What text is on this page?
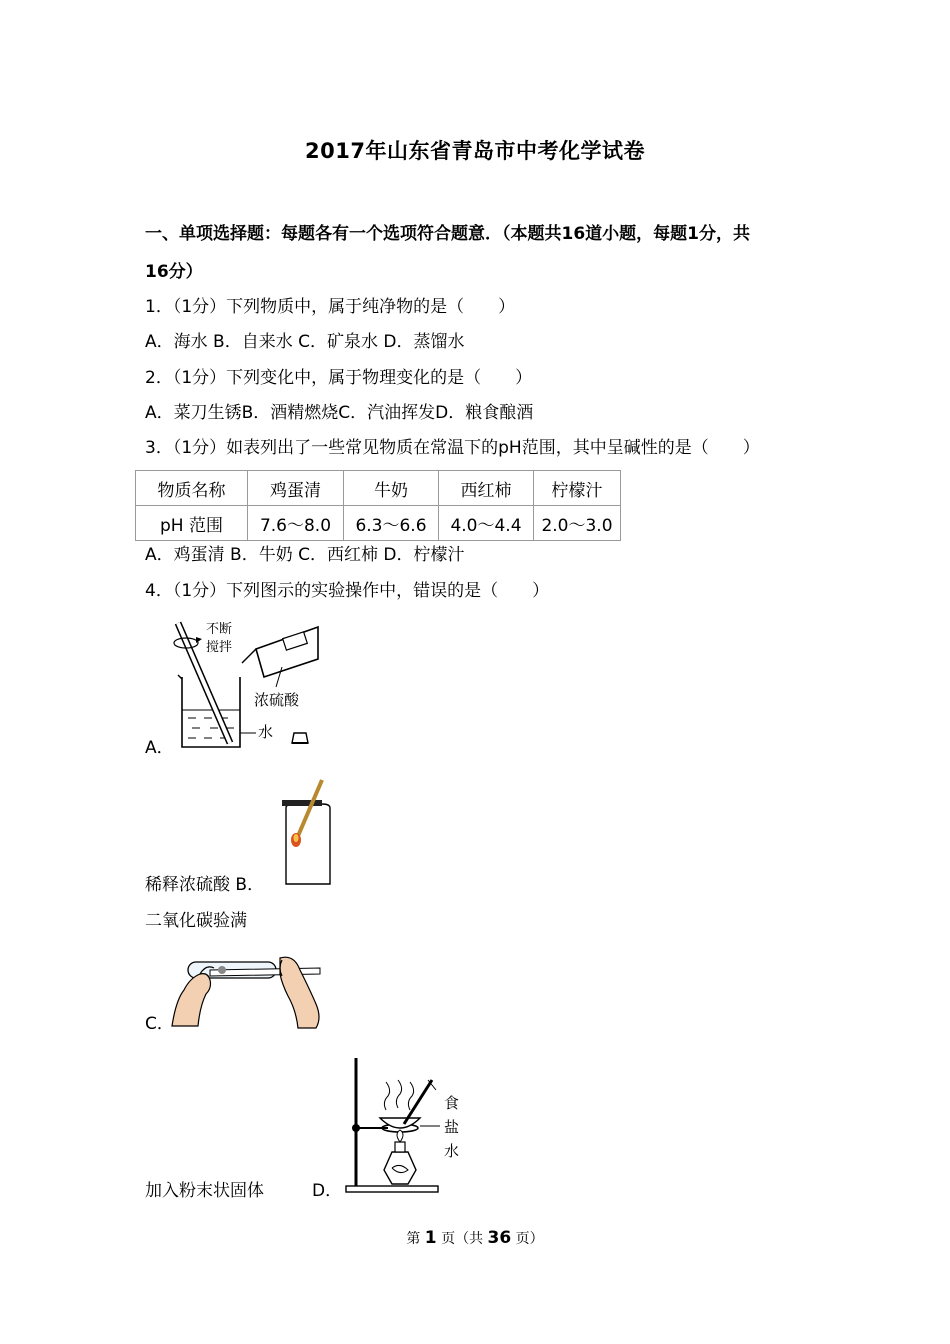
2017年山东省青岛市中考化学试卷
一、单项选择题：每题各有一个选项符合题意．（本题共16道小题，每题1分，共
16分）
1．（1分）下列物质中，属于纯净物的是（　　）
A．海水 B．自来水 C．矿泉水 D．蒸馏水
2．（1分）下列变化中，属于物理变化的是（　　）
A．菜刀生锈B．酒精燃烧C．汽油挥发D．粮食酿酒
3．（1分）如表列出了一些常见物质在常温下的pH范围，其中呈碱性的是（　　）
物质名称	鸡蛋清	牛奶	西红柿	柠檬汁
pH 范围	7.6～8.0	6.3～6.6	4.0～4.4	2.0～3.0
A．鸡蛋清 B．牛奶 C．西红柿 D．柠檬汁
4．（1分）下列图示的实验操作中，错误的是（　　）
不断
搅拌
浓硫酸
水
A．
稀释浓硫酸 B．
二氧化碳验满
C．
食
盐
水
加入粉末状固体	D．
第 1 页（共 36 页）
